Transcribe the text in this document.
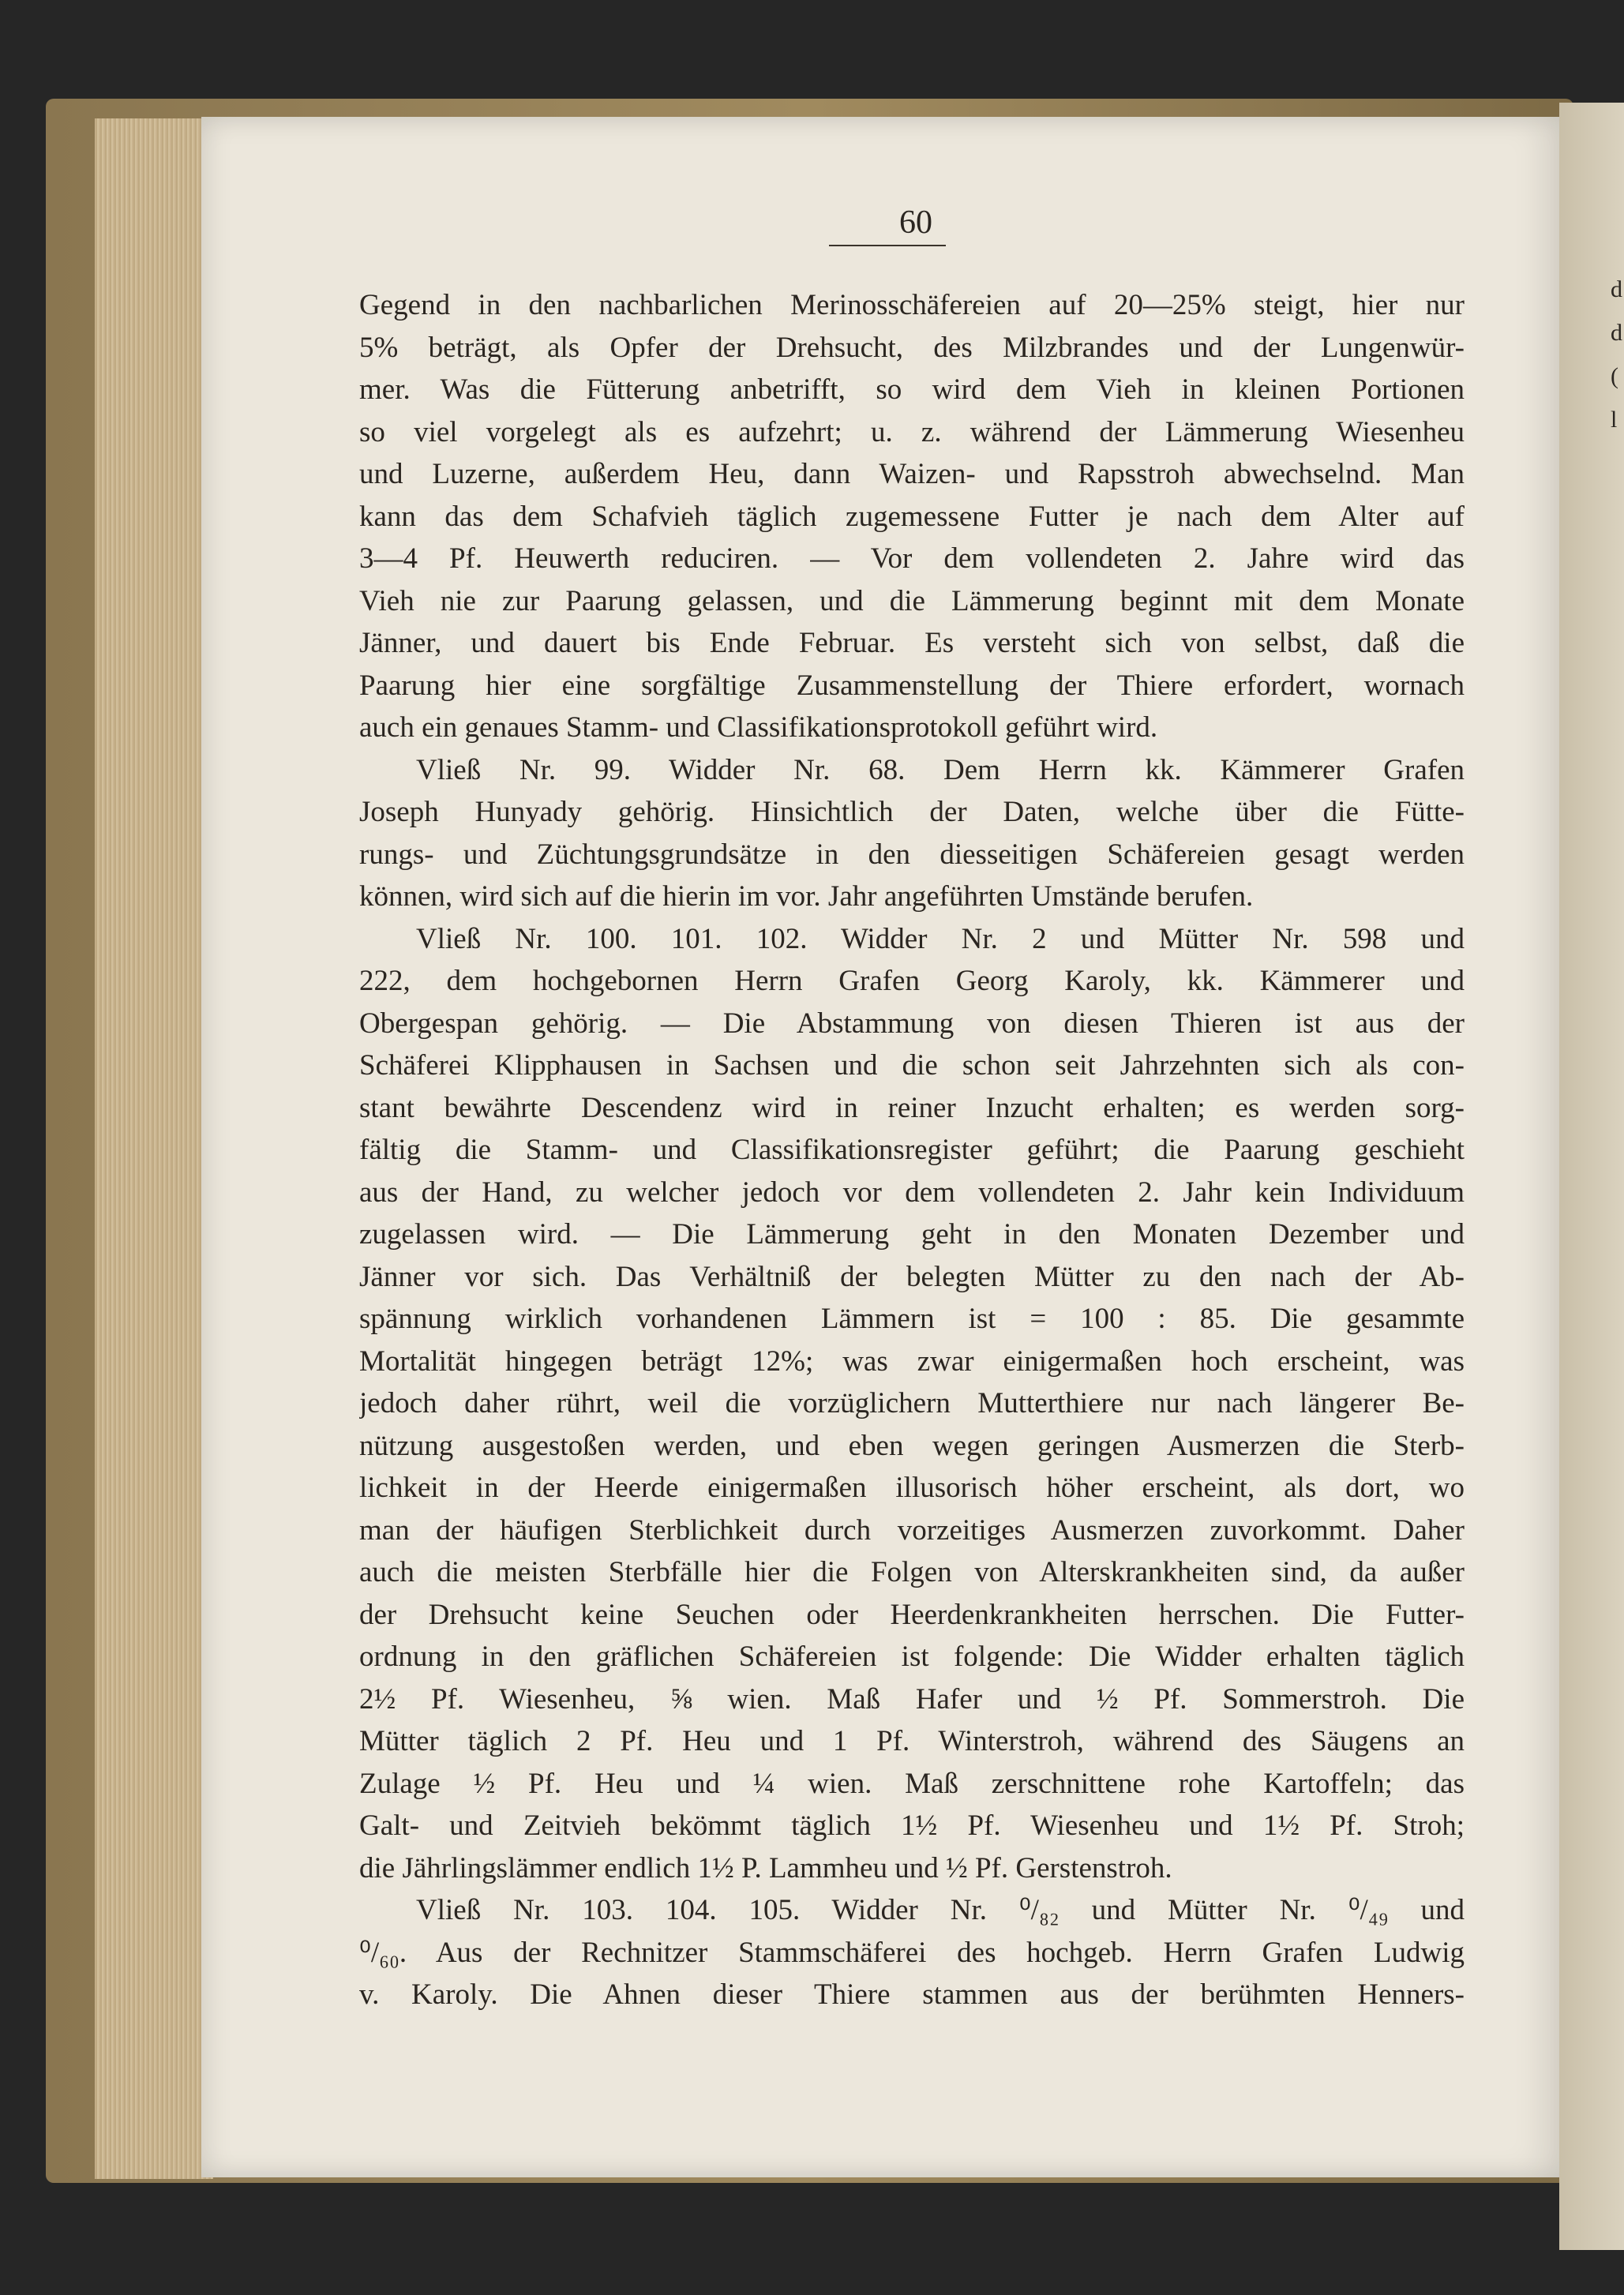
60
Gegend in den nachbarlichen Merinosschäfereien auf 20—25% steigt, hier nur
5% beträgt, als Opfer der Drehsucht, des Milzbrandes und der Lungenwür-
mer. Was die Fütterung anbetrifft, so wird dem Vieh in kleinen Portionen
so viel vorgelegt als es aufzehrt; u. z. während der Lämmerung Wiesenheu
und Luzerne, außerdem Heu, dann Waizen- und Rapsstroh abwechselnd. Man
kann das dem Schafvieh täglich zugemessene Futter je nach dem Alter auf
3—4 Pf. Heuwerth reduciren. — Vor dem vollendeten 2. Jahre wird das
Vieh nie zur Paarung gelassen, und die Lämmerung beginnt mit dem Monate
Jänner, und dauert bis Ende Februar. Es versteht sich von selbst, daß die
Paarung hier eine sorgfältige Zusammenstellung der Thiere erfordert, wornach
auch ein genaues Stamm- und Classifikationsprotokoll geführt wird.
Vließ Nr. 99. Widder Nr. 68. Dem Herrn kk. Kämmerer Grafen
Joseph Hunyady gehörig. Hinsichtlich der Daten, welche über die Fütte-
rungs- und Züchtungsgrundsätze in den diesseitigen Schäfereien gesagt werden
können, wird sich auf die hierin im vor. Jahr angeführten Umstände berufen.
Vließ Nr. 100. 101. 102. Widder Nr. 2 und Mütter Nr. 598 und
222, dem hochgebornen Herrn Grafen Georg Karoly, kk. Kämmerer und
Obergespan gehörig. — Die Abstammung von diesen Thieren ist aus der
Schäferei Klipphausen in Sachsen und die schon seit Jahrzehnten sich als con-
stant bewährte Descendenz wird in reiner Inzucht erhalten; es werden sorg-
fältig die Stamm- und Classifikationsregister geführt; die Paarung geschieht
aus der Hand, zu welcher jedoch vor dem vollendeten 2. Jahr kein Individuum
zugelassen wird. — Die Lämmerung geht in den Monaten Dezember und
Jänner vor sich. Das Verhältniß der belegten Mütter zu den nach der Ab-
spännung wirklich vorhandenen Lämmern ist = 100 : 85. Die gesammte
Mortalität hingegen beträgt 12%; was zwar einigermaßen hoch erscheint, was
jedoch daher rührt, weil die vorzüglichern Mutterthiere nur nach längerer Be-
nützung ausgestoßen werden, und eben wegen geringen Ausmerzen die Sterb-
lichkeit in der Heerde einigermaßen illusorisch höher erscheint, als dort, wo
man der häufigen Sterblichkeit durch vorzeitiges Ausmerzen zuvorkommt. Daher
auch die meisten Sterbfälle hier die Folgen von Alterskrankheiten sind, da außer
der Drehsucht keine Seuchen oder Heerdenkrankheiten herrschen. Die Futter-
ordnung in den gräflichen Schäfereien ist folgende: Die Widder erhalten täglich
2½ Pf. Wiesenheu, ⅝ wien. Maß Hafer und ½ Pf. Sommerstroh. Die
Mütter täglich 2 Pf. Heu und 1 Pf. Winterstroh, während des Säugens an
Zulage ½ Pf. Heu und ¼ wien. Maß zerschnittene rohe Kartoffeln; das
Galt- und Zeitvieh bekömmt täglich 1½ Pf. Wiesenheu und 1½ Pf. Stroh;
die Jährlingslämmer endlich 1½ P. Lammheu und ½ Pf. Gerstenstroh.
Vließ Nr. 103. 104. 105. Widder Nr. ⁰/₈₂ und Mütter Nr. ⁰/₄₉ und
⁰/₆₀. Aus der Rechnitzer Stammschäferei des hochgeb. Herrn Grafen Ludwig
v. Karoly. Die Ahnen dieser Thiere stammen aus der berühmten Henners-
d
d
(
l
